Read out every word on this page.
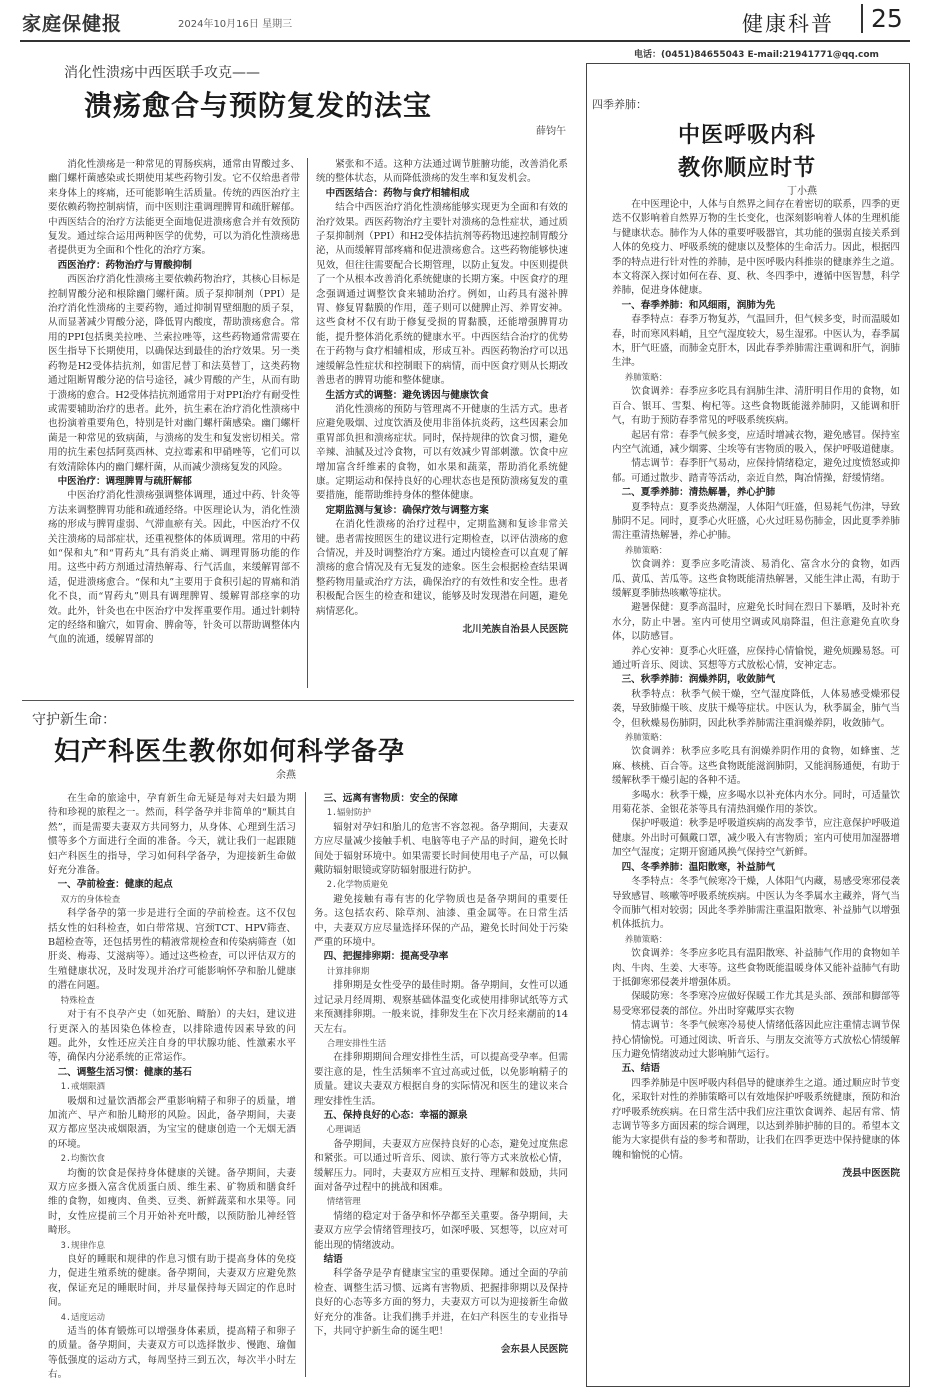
家庭保健报	2024年10月16日 星期三	健康科普	25
电话：(0451)84655043 E-mail:21941771@qq.com
消化性溃疡中西医联手攻克——
溃疡愈合与预防复发的法宝
薛钧午

消化性溃疡是一种常见的胃肠疾病，通常由胃酸过多、幽门螺杆菌感染或长期使用某些药物引发。它不仅给患者带来身体上的疼痛，还可能影响生活质量。传统的西医治疗主要依赖药物控制病情，而中医则注重调理脾胃和疏肝解郁。中西医结合的治疗方法能更全面地促进溃疡愈合并有效预防复发。通过综合运用两种医学的优势，可以为消化性溃疡患者提供更为全面和个性化的治疗方案。

西医治疗：药物治疗与胃酸抑制

西医治疗消化性溃疡主要依赖药物治疗，其核心目标是控制胃酸分泌和根除幽门螺杆菌。质子泵抑制剂（PPI）是治疗消化性溃疡的主要药物，通过抑制胃壁细胞的质子泵，从而显著减少胃酸分泌，降低胃内酸度，帮助溃疡愈合。常用的PPI包括奥美拉唑、兰索拉唑等，这些药物通常需要在医生指导下长期使用，以确保达到最佳的治疗效果。另一类药物是H2受体拮抗剂，如雷尼替丁和法莫替丁，这类药物通过阻断胃酸分泌的信号途径，减少胃酸的产生，从而有助于溃疡的愈合。H2受体拮抗剂通常用于对PPI治疗有耐受性或需要辅助治疗的患者。此外，抗生素在治疗消化性溃疡中也扮演着重要角色，特别是针对幽门螺杆菌感染。幽门螺杆菌是一种常见的致病菌，与溃疡的发生和复发密切相关。常用的抗生素包括阿莫西林、克拉霉素和甲硝唑等，它们可以有效清除体内的幽门螺杆菌，从而减少溃疡复发的风险。

中医治疗：调理脾胃与疏肝解郁

中医治疗消化性溃疡强调整体调理，通过中药、针灸等方法来调整脾胃功能和疏通经络。中医理论认为，消化性溃疡的形成与脾胃虚弱、气滞血瘀有关。因此，中医治疗不仅关注溃疡的局部症状，还重视整体的体质调理。常用的中药如“保和丸”和“胃药丸”具有消炎止痛、调理胃肠功能的作用。这些中药方剂通过清热解毒、行气活血，来缓解胃部不适，促进溃疡愈合。“保和丸”主要用于食积引起的胃痛和消化不良，而“胃药丸”则具有调理脾胃、缓解胃部痉挛的功效。此外，针灸也在中医治疗中发挥重要作用。通过针刺特定的经络和腧穴，如胃俞、脾俞等，针灸可以帮助调整体内气血的流通，缓解胃部的

紧张和不适。这种方法通过调节脏腑功能，改善消化系统的整体状态，从而降低溃疡的发生率和复发机会。

中西医结合：药物与食疗相辅相成

结合中西医治疗消化性溃疡能够实现更为全面和有效的治疗效果。西医药物治疗主要针对溃疡的急性症状，通过质子泵抑制剂（PPI）和H2受体拮抗剂等药物迅速控制胃酸分泌，从而缓解胃部疼痛和促进溃疡愈合。这些药物能够快速见效，但往往需要配合长期管理，以防止复发。中医则提供了一个从根本改善消化系统健康的长期方案。中医食疗的理念强调通过调整饮食来辅助治疗。例如，山药具有滋补脾胃、修复胃黏膜的作用，莲子则可以健脾止泻、养胃安神。这些食材不仅有助于修复受损的胃黏膜，还能增强脾胃功能，提升整体消化系统的健康水平。中西医结合治疗的优势在于药物与食疗相辅相成，形成互补。西医药物治疗可以迅速缓解急性症状和控制眼下的病情，而中医食疗则从长期改善患者的脾胃功能和整体健康。

生活方式的调整：避免诱因与健康饮食

消化性溃疡的预防与管理离不开健康的生活方式。患者应避免吸烟、过度饮酒及使用非甾体抗炎药，这些因素会加重胃部负担和溃疡症状。同时，保持规律的饮食习惯，避免辛辣、油腻及过冷食物，可以有效减少胃部刺激。饮食中应增加富含纤维素的食物，如水果和蔬菜，帮助消化系统健康。定期运动和保持良好的心理状态也是预防溃疡复发的重要措施，能帮助维持身体的整体健康。

定期监测与复诊：确保疗效与调整方案

在消化性溃疡的治疗过程中，定期监测和复诊非常关键。患者需按照医生的建议进行定期检查，以评估溃疡的愈合情况，并及时调整治疗方案。通过内镜检查可以直观了解溃疡的愈合情况及有无复发的迹象。医生会根据检查结果调整药物用量或治疗方法，确保治疗的有效性和安全性。患者积极配合医生的检查和建议，能够及时发现潜在问题，避免病情恶化。

北川羌族自治县人民医院

守护新生命：
妇产科医生教你如何科学备孕
余燕

在生命的旅途中，孕育新生命无疑是每对夫妇最为期待和珍视的旅程之一。然而，科学备孕并非简单的“顺其自然”，而是需要夫妻双方共同努力，从身体、心理到生活习惯等多个方面进行全面的准备。今天，就让我们一起跟随妇产科医生的指导，学习如何科学备孕，为迎接新生命做好充分准备。

一、孕前检查：健康的起点

双方的身体检查

科学备孕的第一步是进行全面的孕前检查。这不仅包括女性的妇科检查，如白带常规、宫颈TCT、HPV筛查、B超检查等，还包括男性的精液常规检查和传染病筛查（如肝炎、梅毒、艾滋病等）。通过这些检查，可以评估双方的生殖健康状况，及时发现并治疗可能影响怀孕和胎儿健康的潜在问题。

特殊检查

对于有不良孕产史（如死胎、畸胎）的夫妇，建议进行更深入的基因染色体检查，以排除遗传因素导致的问题。此外，女性还应关注自身的甲状腺功能、性激素水平等，确保内分泌系统的正常运作。

二、调整生活习惯：健康的基石

1.戒烟限酒

吸烟和过量饮酒都会严重影响精子和卵子的质量，增加流产、早产和胎儿畸形的风险。因此，备孕期间，夫妻双方都应坚决戒烟限酒，为宝宝的健康创造一个无烟无酒的环境。

2.均衡饮食

均衡的饮食是保持身体健康的关键。备孕期间，夫妻双方应多摄入富含优质蛋白质、维生素、矿物质和膳食纤维的食物，如瘦肉、鱼类、豆类、新鲜蔬菜和水果等。同时，女性应提前三个月开始补充叶酸，以预防胎儿神经管畸形。

3.规律作息

良好的睡眠和规律的作息习惯有助于提高身体的免疫力，促进生殖系统的健康。备孕期间，夫妻双方应避免熬夜，保证充足的睡眠时间，并尽量保持每天固定的作息时间。

4.适度运动

适当的体育锻炼可以增强身体素质，提高精子和卵子的质量。备孕期间，夫妻双方可以选择散步、慢跑、瑜伽等低强度的运动方式，每周坚持三到五次，每次半小时左右。

三、远离有害物质：安全的保障

1.辐射防护

辐射对孕妇和胎儿的危害不容忽视。备孕期间，夫妻双方应尽量减少接触手机、电脑等电子产品的时间，避免长时间处于辐射环境中。如果需要长时间使用电子产品，可以佩戴防辐射眼镜或穿防辐射服进行防护。

2.化学物质避免

避免接触有毒有害的化学物质也是备孕期间的重要任务。这包括农药、除草剂、油漆、重金属等。在日常生活中，夫妻双方应尽量选择环保的产品，避免长时间处于污染严重的环境中。

四、把握排卵期：提高受孕率

计算排卵期

排卵期是女性受孕的最佳时期。备孕期间，女性可以通过记录月经周期、观察基础体温变化或使用排卵试纸等方式来预测排卵期。一般来说，排卵发生在下次月经来潮前的14天左右。

合理安排性生活

在排卵期期间合理安排性生活，可以提高受孕率。但需要注意的是，性生活频率不宜过高或过低，以免影响精子的质量。建议夫妻双方根据自身的实际情况和医生的建议来合理安排性生活。

五、保持良好的心态：幸福的源泉

心理调适

备孕期间，夫妻双方应保持良好的心态，避免过度焦虑和紧张。可以通过听音乐、阅读、旅行等方式来放松心情，缓解压力。同时，夫妻双方应相互支持、理解和鼓励，共同面对备孕过程中的挑战和困难。

情绪管理

情绪的稳定对于备孕和怀孕都至关重要。备孕期间，夫妻双方应学会情绪管理技巧，如深呼吸、冥想等，以应对可能出现的情绪波动。

结语

科学备孕是孕育健康宝宝的重要保障。通过全面的孕前检查、调整生活习惯、远离有害物质、把握排卵期以及保持良好的心态等多方面的努力，夫妻双方可以为迎接新生命做好充分的准备。让我们携手并进，在妇产科医生的专业指导下，共同守护新生命的诞生吧！

会东县人民医院

四季养肺：
中医呼吸内科
教你顺应时节
丁小燕

在中医理论中，人体与自然界之间存在着密切的联系，四季的更迭不仅影响着自然界万物的生长变化，也深刻影响着人体的生理机能与健康状态。肺作为人体的重要呼吸器官，其功能的强弱直接关系到人体的免疫力、呼吸系统的健康以及整体的生命活力。因此，根据四季的特点进行针对性的养肺，是中医呼吸内科推崇的健康养生之道。本文将深入探讨如何在春、夏、秋、冬四季中，遵循中医智慧，科学养肺，促进身体健康。

一、春季养肺：和风细雨，润肺为先

春季特点：春季万物复苏，气温回升，但气候多变，时而温暖如春，时而寒风料峭，且空气湿度较大，易生湿邪。中医认为，春季属木，肝气旺盛，而肺金克肝木，因此春季养肺需注重调和肝气，润肺生津。

养肺策略：

饮食调养：春季应多吃具有润肺生津、清肝明目作用的食物，如百合、银耳、雪梨、枸杞等。这些食物既能滋养肺阴，又能调和肝气，有助于预防春季常见的呼吸系统疾病。

起居有常：春季气候多变，应适时增减衣物，避免感冒。保持室内空气流通，减少烟雾、尘埃等有害物质的吸入，保护呼吸道健康。

情志调节：春季肝气易动，应保持情绪稳定，避免过度愤怒或抑郁。可通过散步、踏青等活动，亲近自然，陶冶情操，舒缓情绪。

二、夏季养肺：清热解暑，养心护肺

夏季特点：夏季炎热潮湿，人体阳气旺盛，但易耗气伤津，导致肺阴不足。同时，夏季心火旺盛，心火过旺易伤肺金，因此夏季养肺需注重清热解暑，养心护肺。

养肺策略：

饮食调养：夏季应多吃清淡、易消化、富含水分的食物，如西瓜、黄瓜、苦瓜等。这些食物既能清热解暑，又能生津止渴，有助于缓解夏季肺热咳嗽等症状。

避暑保健：夏季高温时，应避免长时间在烈日下暴晒，及时补充水分，防止中暑。室内可使用空调或风扇降温，但注意避免直吹身体，以防感冒。

养心安神：夏季心火旺盛，应保持心情愉悦，避免烦躁易怒。可通过听音乐、阅读、冥想等方式放松心情，安神定志。

三、秋季养肺：润燥养阴，收敛肺气

秋季特点：秋季气候干燥，空气湿度降低，人体易感受燥邪侵袭，导致肺燥干咳、皮肤干燥等症状。中医认为，秋季属金，肺气当令，但秋燥易伤肺阴，因此秋季养肺需注重润燥养阴，收敛肺气。

养肺策略：

饮食调养：秋季应多吃具有润燥养阴作用的食物，如蜂蜜、芝麻、核桃、百合等。这些食物既能滋润肺阴，又能润肠通便，有助于缓解秋季干燥引起的各种不适。

多喝水：秋季干燥，应多喝水以补充体内水分。同时，可适量饮用菊花茶、金银花茶等具有清热润燥作用的茶饮。

保护呼吸道：秋季是呼吸道疾病的高发季节，应注意保护呼吸道健康。外出时可佩戴口罩，减少吸入有害物质；室内可使用加湿器增加空气湿度；定期开窗通风换气保持空气新鲜。

四、冬季养肺：温阳散寒，补益肺气

冬季特点：冬季气候寒冷干燥，人体阳气内藏，易感受寒邪侵袭导致感冒、咳嗽等呼吸系统疾病。中医认为冬季属水主藏养，肾气当令而肺气相对较弱；因此冬季养肺需注重温阳散寒、补益肺气以增强机体抵抗力。

养肺策略：

饮食调养：冬季应多吃具有温阳散寒、补益肺气作用的食物如羊肉、牛肉、生姜、大枣等。这些食物既能温暖身体又能补益肺气有助于抵御寒邪侵袭并增强体质。

保暖防寒：冬季寒冷应做好保暖工作尤其是头部、颈部和脚部等易受寒邪侵袭的部位。外出时穿戴厚实衣物

情志调节：冬季气候寒冷易使人情绪低落因此应注重情志调节保持心情愉悦。可通过阅读、听音乐、与朋友交流等方式放松心情缓解压力避免情绪波动过大影响肺气运行。

五、结语

四季养肺是中医呼吸内科倡导的健康养生之道。通过顺应时节变化，采取针对性的养肺策略可以有效地保护呼吸系统健康，预防和治疗呼吸系统疾病。在日常生活中我们应注重饮食调养、起居有常、情志调节等多方面因素的综合调理，以达到养肺护肺的目的。希望本文能为大家提供有益的参考和帮助，让我们在四季更迭中保持健康的体魄和愉悦的心情。

茂县中医医院
